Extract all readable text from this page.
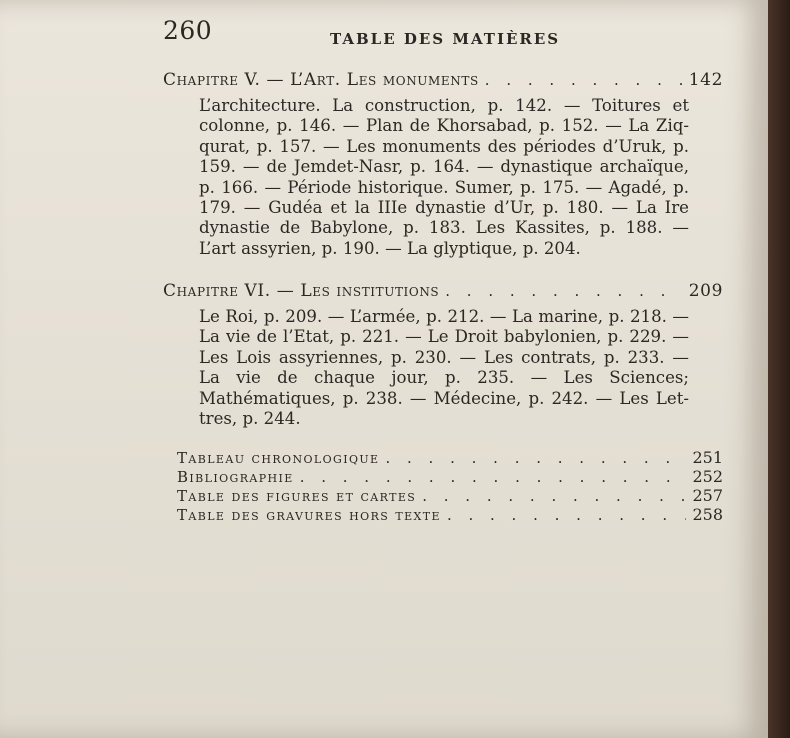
260	TABLE DES MATIÈRES
Chapitre V. — L’Art. Les monuments . . .	142
L’architecture. La construction, p. 142. — Toitures et colonne, p. 146. — Plan de Khorsabad, p. 152. — La Ziqqurat, p. 157. — Les monuments des périodes d’Uruk, p. 159. — de Jemdet-Nasr, p. 164. — dynastique archaïque, p. 166. — Période historique. Sumer, p. 175. — Agadé, p. 179. — Gudéa et la IIIe dynastie d’Ur, p. 180. — La Ire dynastie de Babylone, p. 183. Les Kassites, p. 188. — L’art assyrien, p. 190. — La glyptique, p. 204.
Chapitre VI. — Les institutions . . .	209
Le Roi, p. 209. — L’armée, p. 212. — La marine, p. 218. — La vie de l’Etat, p. 221. — Le Droit babylonien, p. 229. — Les Lois assyriennes, p. 230. — Les contrats, p. 233. — La vie de chaque jour, p. 235. — Les Sciences; Mathématiques, p. 238. — Médecine, p. 242. — Les Lettres, p. 244.
Tableau chronologique . . .	251
Bibliographie . . .	252
Table des figures et cartes . . .	257
Table des gravures hors texte . . .	258
